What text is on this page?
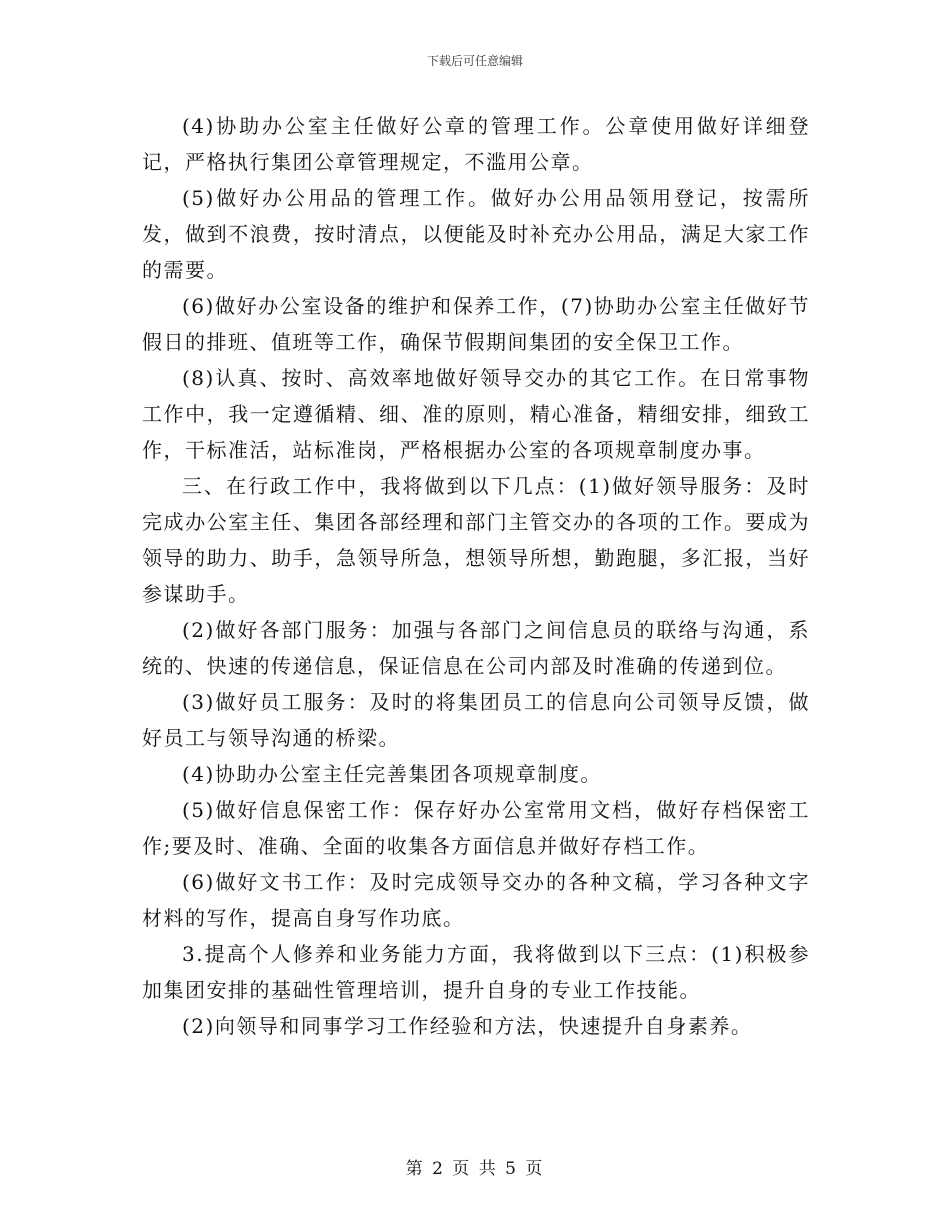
下载后可任意编辑

(4)协助办公室主任做好公章的管理工作。公章使用做好详细登记，严格执行集团公章管理规定，不滥用公章。

(5)做好办公用品的管理工作。做好办公用品领用登记，按需所发，做到不浪费，按时清点，以便能及时补充办公用品，满足大家工作的需要。

(6)做好办公室设备的维护和保养工作，(7)协助办公室主任做好节假日的排班、值班等工作，确保节假期间集团的安全保卫工作。

(8)认真、按时、高效率地做好领导交办的其它工作。在日常事物工作中，我一定遵循精、细、准的原则，精心准备，精细安排，细致工作，干标准活，站标准岗，严格根据办公室的各项规章制度办事。

三、在行政工作中，我将做到以下几点：(1)做好领导服务：及时完成办公室主任、集团各部经理和部门主管交办的各项的工作。要成为领导的助力、助手，急领导所急，想领导所想，勤跑腿，多汇报，当好参谋助手。

(2)做好各部门服务：加强与各部门之间信息员的联络与沟通，系统的、快速的传递信息，保证信息在公司内部及时准确的传递到位。

(3)做好员工服务：及时的将集团员工的信息向公司领导反馈，做好员工与领导沟通的桥梁。

(4)协助办公室主任完善集团各项规章制度。

(5)做好信息保密工作：保存好办公室常用文档，做好存档保密工作;要及时、准确、全面的收集各方面信息并做好存档工作。

(6)做好文书工作：及时完成领导交办的各种文稿，学习各种文字材料的写作，提高自身写作功底。

3.提高个人修养和业务能力方面，我将做到以下三点：(1)积极参加集团安排的基础性管理培训，提升自身的专业工作技能。

(2)向领导和同事学习工作经验和方法，快速提升自身素养。

第 2 页 共 5 页
